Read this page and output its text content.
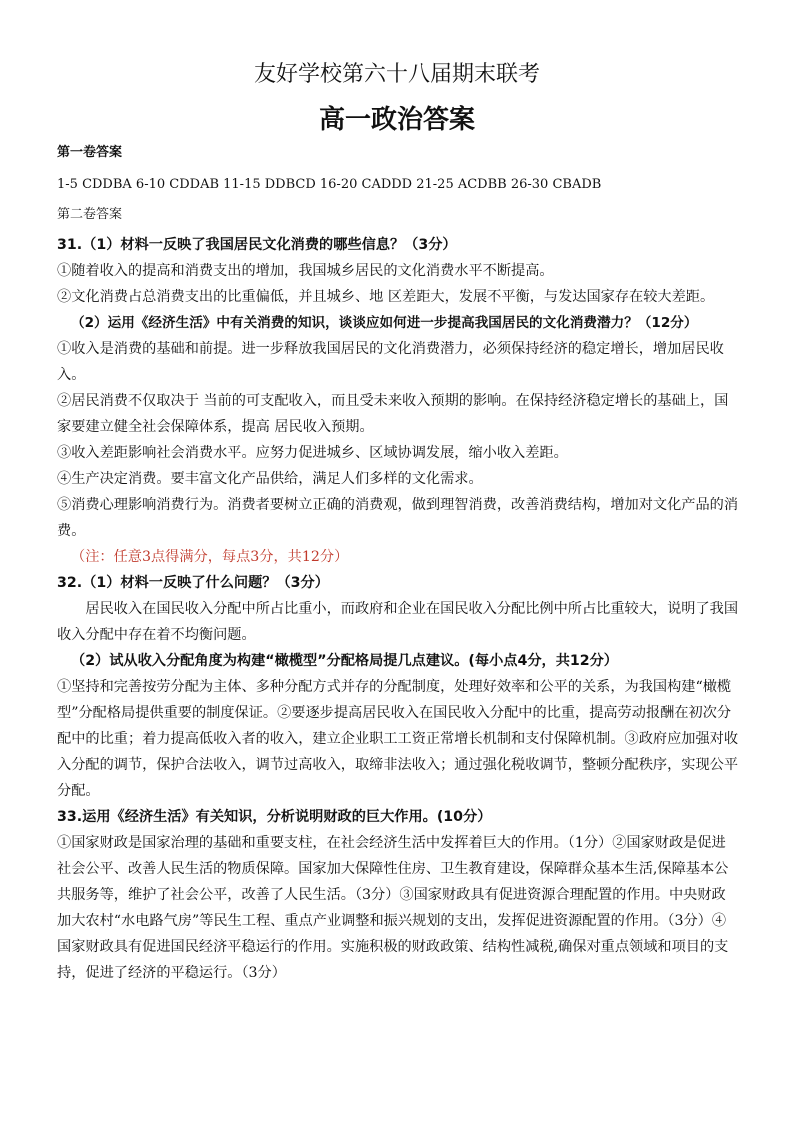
友好学校第六十八届期末联考
高一政治答案

第一卷答案

1-5 CDDBA 6-10 CDDAB 11-15 DDBCD 16-20 CADDD 21-25 ACDBB 26-30 CBADB

第二卷答案

31.（1）材料一反映了我国居民文化消费的哪些信息？（3分）

①随着收入的提高和消费支出的增加，我国城乡居民的文化消费水平不断提高。

②文化消费占总消费支出的比重偏低，并且城乡、地 区差距大，发展不平衡，与发达国家存在较大差距。

（2）运用《经济生活》中有关消费的知识，谈谈应如何进一步提高我国居民的文化消费潜力？（12分）

①收入是消费的基础和前提。进一步释放我国居民的文化消费潜力，必须保持经济的稳定增长，增加居民收入。

②居民消费不仅取决于 当前的可支配收入，而且受未来收入预期的影响。在保持经济稳定增长的基础上，国家要建立健全社会保障体系，提高 居民收入预期。

③收入差距影响社会消费水平。应努力促进城乡、区域协调发展，缩小收入差距。

④生产决定消费。要丰富文化产品供给，满足人们多样的文化需求。

⑤消费心理影响消费行为。消费者要树立正确的消费观，做到理智消费，改善消费结构，增加对文化产品的消费。

（注：任意3点得满分，每点3分，共12分）

32.（1）材料一反映了什么问题？（3分）

居民收入在国民收入分配中所占比重小，而政府和企业在国民收入分配比例中所占比重较大，说明了我国收入分配中存在着不均衡问题。

（2）试从收入分配角度为构建“橄榄型”分配格局提几点建议。(每小点4分，共12分）

①坚持和完善按劳分配为主体、多种分配方式并存的分配制度，处理好效率和公平的关系，为我国构建“橄榄型”分配格局提供重要的制度保证。②要逐步提高居民收入在国民收入分配中的比重，提高劳动报酬在初次分配中的比重；着力提高低收入者的收入，建立企业职工工资正常增长机制和支付保障机制。③政府应加强对收入分配的调节，保护合法收入，调节过高收入，取缔非法收入；通过强化税收调节，整顿分配秩序，实现公平分配。

33.运用《经济生活》有关知识，分析说明财政的巨大作用。(10分）

①国家财政是国家治理的基础和重要支柱，在社会经济生活中发挥着巨大的作用。（1分）②国家财政是促进社会公平、改善人民生活的物质保障。国家加大保障性住房、卫生教育建设，保障群众基本生活,保障基本公共服务等，维护了社会公平，改善了人民生活。（3分）③国家财政具有促进资源合理配置的作用。中央财政加大农村“水电路气房”等民生工程、重点产业调整和振兴规划的支出，发挥促进资源配置的作用。（3分）④国家财政具有促进国民经济平稳运行的作用。实施积极的财政政策、结构性减税,确保对重点领域和项目的支持，促进了经济的平稳运行。（3分）
